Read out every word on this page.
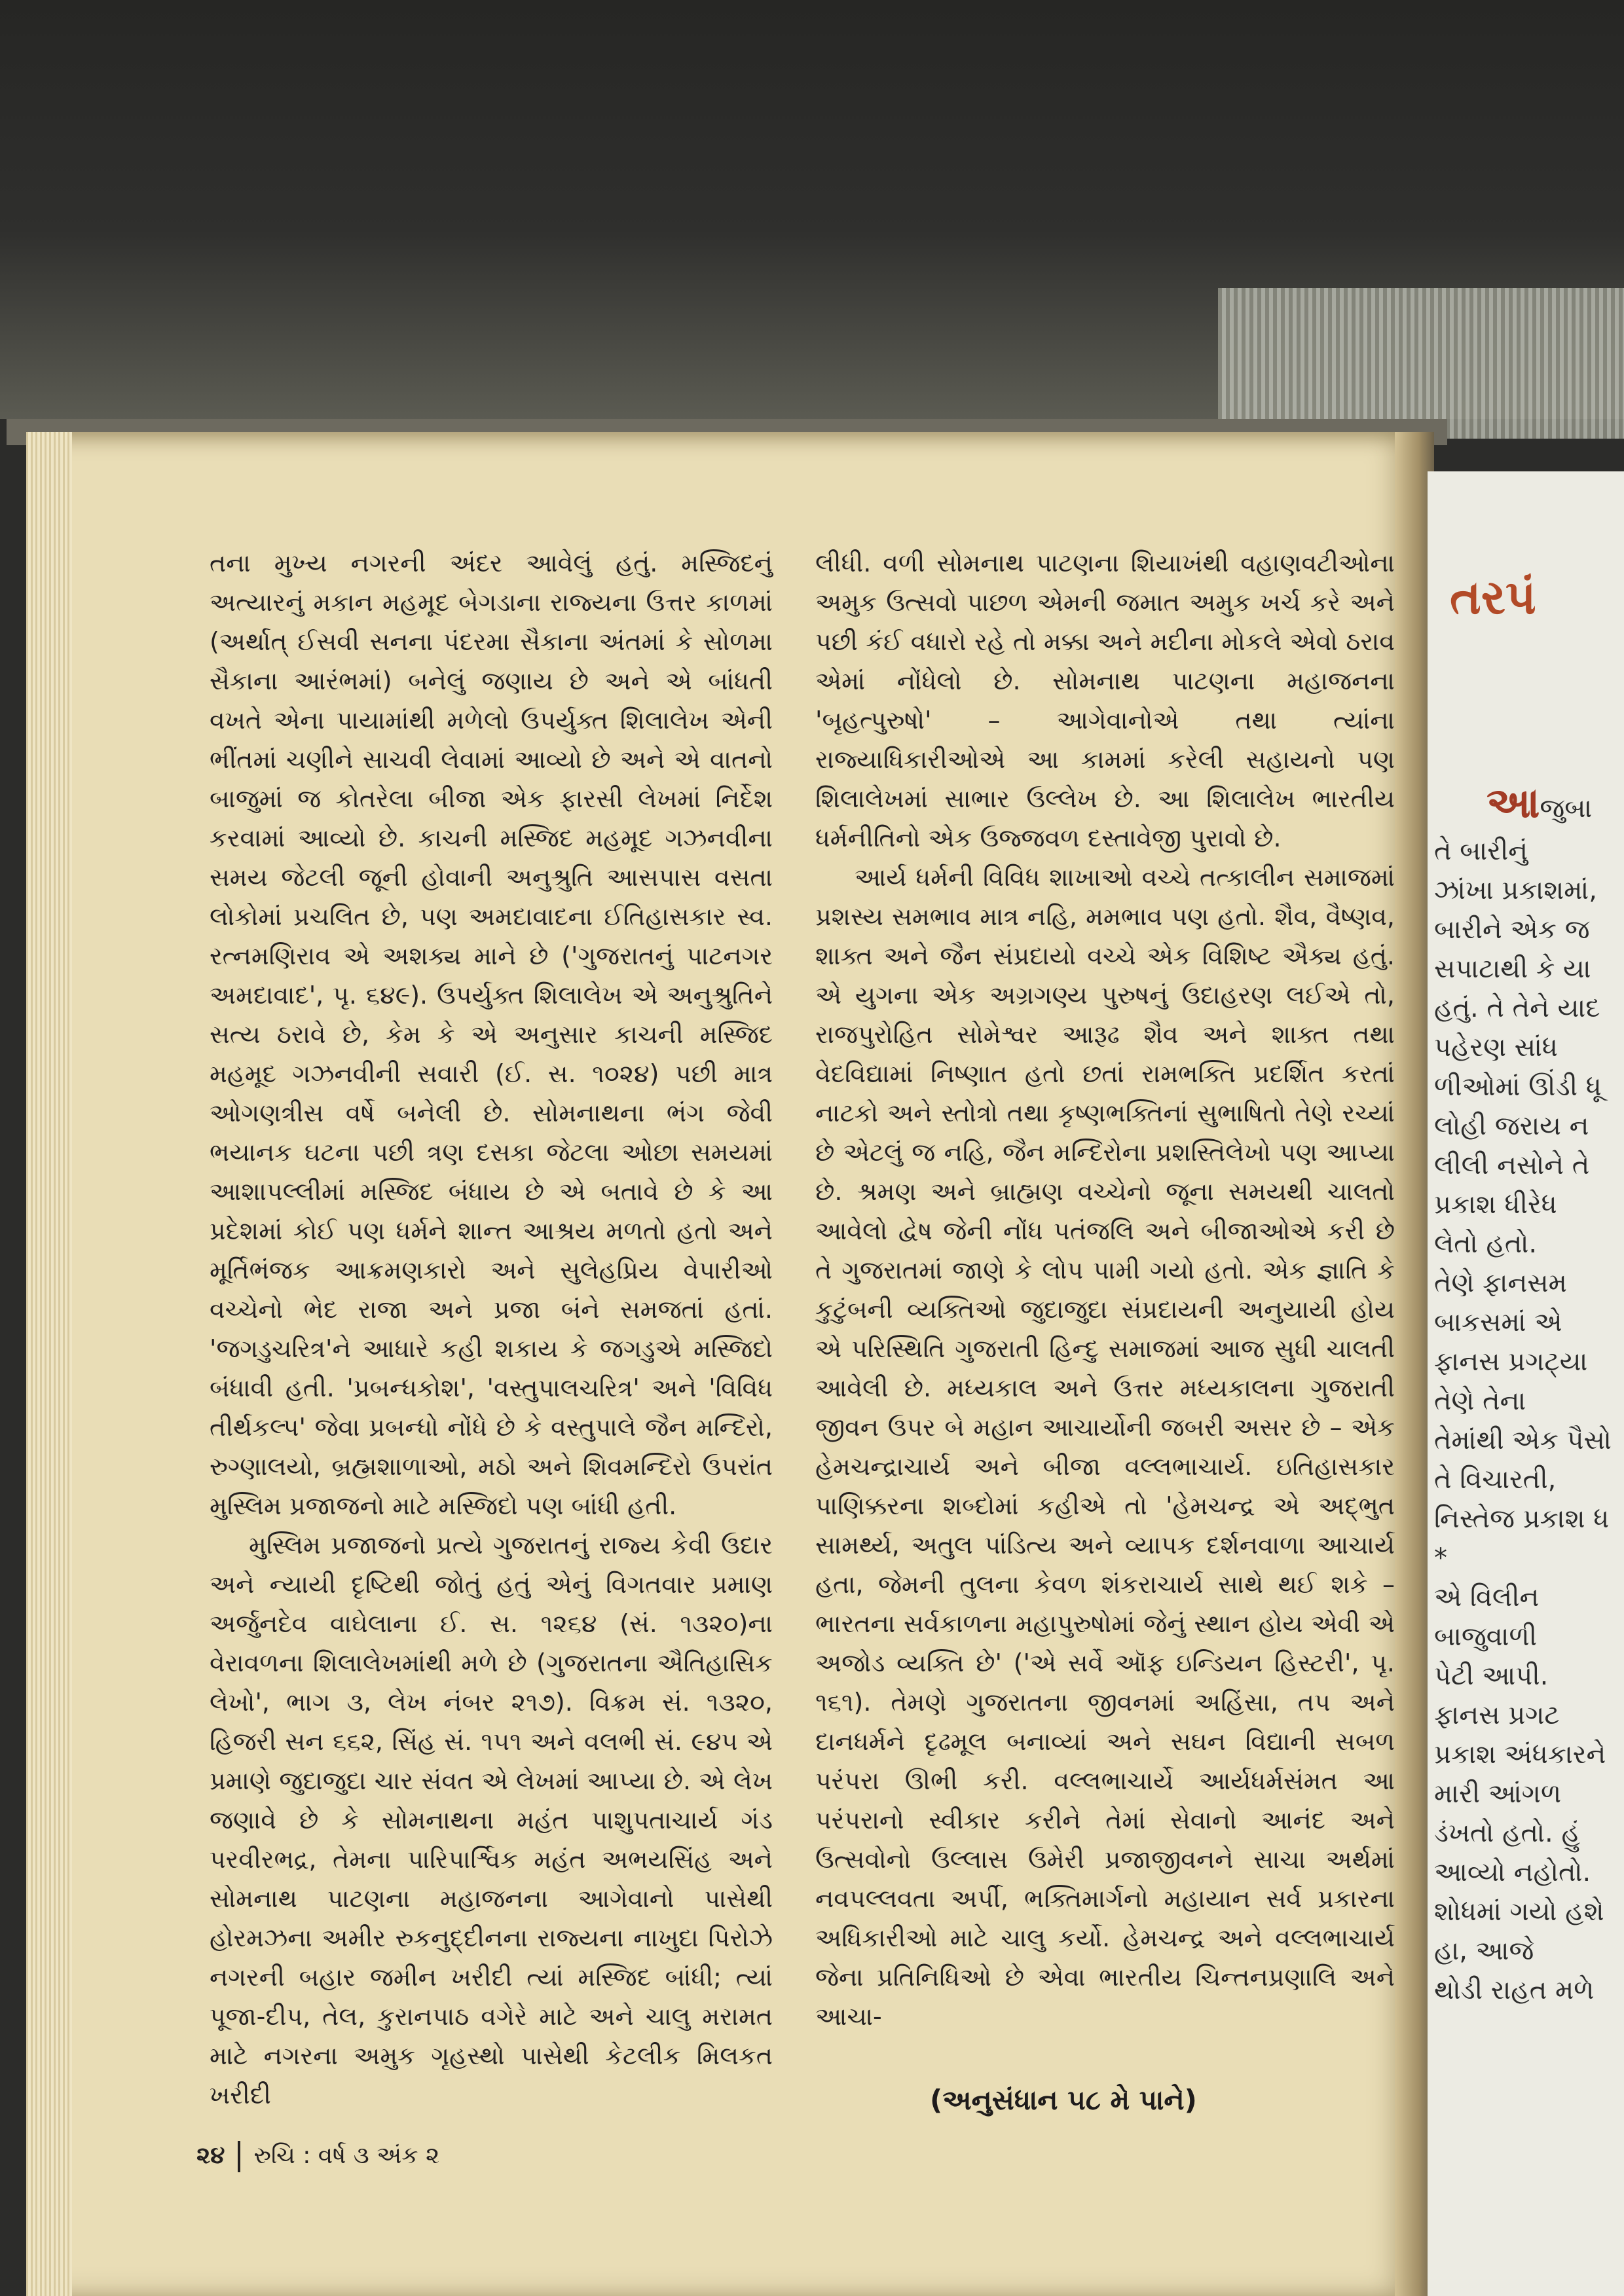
તરપં
આજુબા
તે બારીનું
ઝાંખા પ્રકાશમાં,
બારીને એક જ
સપાટાથી કે યા
હતું. તે તેને યાદ
પહેરણ સાંધ
ળીઓમાં ઊંડી ધૂ
લોહી જરાય ન
લીલી નસોને તે
પ્રકાશ ધીરેધ
લેતો હતો.
તેણે ફાનસમ
બાકસમાં એ
ફાનસ પ્રગટ્યા
તેણે તેના
તેમાંથી એક પૈસો
તે વિચારતી,
નિસ્તેજ પ્રકાશ ધ
*
એ વિલીન
બાજુવાળી
પેટી આપી.
ફાનસ પ્રગટ
પ્રકાશ અંધકારને
મારી આંગળ
ડંખતો હતો. હું
આવ્યો નહોતો.
શોધમાં ગયો હશે
હા, આજે
થોડી રાહત મળે

તના મુખ્ય નગરની અંદર આવેલું હતું. મસ્જિદનું અત્યારનું મકાન મહમૂદ બેગડાના રાજ્યના ઉત્તર કાળમાં (અર્થાત્ ઈસવી સનના પંદરમા સૈકાના અંતમાં કે સોળમા સૈકાના આરંભમાં) બનેલું જણાય છે અને એ બાંધતી વખતે એના પાયામાંથી મળેલો ઉપર્યુક્ત શિલાલેખ એની ભીંતમાં ચણીને સાચવી લેવામાં આવ્યો છે અને એ વાતનો બાજુમાં જ કોતરેલા બીજા એક ફારસી લેખમાં નિર્દેશ કરવામાં આવ્યો છે. કાચની મસ્જિદ મહમૂદ ગઝનવીના સમય જેટલી જૂની હોવાની અનુશ્રુતિ આસપાસ વસતા લોકોમાં પ્રચલિત છે, પણ અમદાવાદના ઈતિહાસકાર સ્વ. રત્નમણિરાવ એ અશક્ય માને છે ('ગુજરાતનું પાટનગર અમદાવાદ', પૃ. ૬૪૯). ઉપર્યુક્ત શિલાલેખ એ અનુશ્રુતિને સત્ય ઠરાવે છે, કેમ કે એ અનુસાર કાચની મસ્જિદ મહમૂદ ગઝનવીની સવારી (ઈ. સ. ૧૦૨૪) પછી માત્ર ઓગણત્રીસ વર્ષે બનેલી છે. સોમનાથના ભંગ જેવી ભયાનક ઘટના પછી ત્રણ દસકા જેટલા ઓછા સમયમાં આશાપલ્લીમાં મસ્જિદ બંધાય છે એ બતાવે છે કે આ પ્રદેશમાં કોઈ પણ ધર્મને શાન્ત આશ્રય મળતો હતો અને મૂર્તિભંજક આક્રમણકારો અને સુલેહપ્રિય વેપારીઓ વચ્ચેનો ભેદ રાજા અને પ્રજા બંને સમજતાં હતાં. 'જગડુચરિત્ર'ને આધારે કહી શકાય કે જગડુએ મસ્જિદો બંધાવી હતી. 'પ્રબન્ધકોશ', 'વસ્તુપાલચરિત્ર' અને 'વિવિધ તીર્થકલ્પ' જેવા પ્રબન્ધો નોંધે છે કે વસ્તુપાલે જૈન મન્દિરો, રુગ્ણાલયો, બ્રહ્મશાળાઓ, મઠો અને શિવમન્દિરો ઉપરાંત મુસ્લિમ પ્રજાજનો માટે મસ્જિદો પણ બાંધી હતી.

મુસ્લિમ પ્રજાજનો પ્રત્યે ગુજરાતનું રાજ્ય કેવી ઉદાર અને ન્યાયી દૃષ્ટિથી જોતું હતું એનું વિગતવાર પ્રમાણ અર્જુનદેવ વાઘેલાના ઈ. સ. ૧૨૬૪ (સં. ૧૩૨૦)ના વેરાવળના શિલાલેખમાંથી મળે છે (ગુજરાતના ઐતિહાસિક લેખો', ભાગ ૩, લેખ નંબર ૨૧૭). વિક્રમ સં. ૧૩૨૦, હિજરી સન ૬૬૨, સિંહ સં. ૧૫૧ અને વલભી સં. ૯૪૫ એ પ્રમાણે જુદાજુદા ચાર સંવત એ લેખમાં આપ્યા છે. એ લેખ જણાવે છે કે સોમનાથના મહંત પાશુપતાચાર્ય ગંડ પરવીરભદ્ર, તેમના પારિપાર્શ્વિક મહંત અભયસિંહ અને સોમનાથ પાટણના મહાજનના આગેવાનો પાસેથી હોરમઝના અમીર રુકનુદ્દીનના રાજ્યના નાખુદા પિરોઝે નગરની બહાર જમીન ખરીદી ત્યાં મસ્જિદ બાંધી; ત્યાં પૂજા-દીપ, તેલ, કુરાનપાઠ વગેરે માટે અને ચાલુ મરામત માટે નગરના અમુક ગૃહસ્થો પાસેથી કેટલીક મિલકત ખરીદી

લીધી. વળી સોમનાથ પાટણના શિયાખંથી વહાણવટીઓના અમુક ઉત્સવો પાછળ એમની જમાત અમુક ખર્ચ કરે અને પછી કંઈ વધારો રહે તો મક્કા અને મદીના મોકલે એવો ઠરાવ એમાં નોંધેલો છે. સોમનાથ પાટણના મહાજનના 'બૃહત્પુરુષો' – આગેવાનોએ તથા ત્યાંના રાજ્યાધિકારીઓએ આ કામમાં કરેલી સહાયનો પણ શિલાલેખમાં સાભાર ઉલ્લેખ છે. આ શિલાલેખ ભારતીય ધર્મનીતિનો એક ઉજ્જવળ દસ્તાવેજી પુરાવો છે.

આર્ય ધર્મની વિવિધ શાખાઓ વચ્ચે તત્કાલીન સમાજમાં પ્રશસ્ય સમભાવ માત્ર નહિ, મમભાવ પણ હતો. શૈવ, વૈષ્ણવ, શાક્ત અને જૈન સંપ્રદાયો વચ્ચે એક વિશિષ્ટ ઐક્ય હતું. એ યુગના એક અગ્રગણ્ય પુરુષનું ઉદાહરણ લઈએ તો, રાજપુરોહિત સોમેશ્વર આરૂઢ શૈવ અને શાક્ત તથા વેદવિદ્યામાં નિષ્ણાત હતો છતાં રામભક્તિ પ્રદર્શિત કરતાં નાટકો અને સ્તોત્રો તથા કૃષ્ણભક્તિનાં સુભાષિતો તેણે રચ્યાં છે એટલું જ નહિ, જૈન મન્દિરોના પ્રશસ્તિલેખો પણ આપ્યા છે. શ્રમણ અને બ્રાહ્મણ વચ્ચેનો જૂના સમયથી ચાલતો આવેલો દ્વેષ જેની નોંધ પતંજલિ અને બીજાઓએ કરી છે તે ગુજરાતમાં જાણે કે લોપ પામી ગયો હતો. એક જ્ઞાતિ કે કુટુંબની વ્યક્તિઓ જુદાજુદા સંપ્રદાયની અનુયાયી હોય એ પરિસ્થિતિ ગુજરાતી હિન્દુ સમાજમાં આજ સુધી ચાલતી આવેલી છે. મધ્યકાલ અને ઉત્તર મધ્યકાલના ગુજરાતી જીવન ઉપર બે મહાન આચાર્યોની જબરી અસર છે – એક હેમચન્દ્રાચાર્ય અને બીજા વલ્લભાચાર્ય. ઇતિહાસકાર પાણિક્કરના શબ્દોમાં કહીએ તો 'હેમચન્દ્ર એ અદ્ભુત સામર્થ્ય, અતુલ પાંડિત્ય અને વ્યાપક દર્શનવાળા આચાર્ય હતા, જેમની તુલના કેવળ શંકરાચાર્ય સાથે થઈ શકે – ભારતના સર્વકાળના મહાપુરુષોમાં જેનું સ્થાન હોય એવી એ અજોડ વ્યક્તિ છે' ('એ સર્વે ઑફ ઇન્ડિયન હિસ્ટરી', પૃ. ૧૬૧). તેમણે ગુજરાતના જીવનમાં અહિંસા, તપ અને દાનધર્મને દૃઢમૂલ બનાવ્યાં અને સઘન વિદ્યાની સબળ પરંપરા ઊભી કરી. વલ્લભાચાર્યે આર્યધર્મસંમત આ પરંપરાનો સ્વીકાર કરીને તેમાં સેવાનો આનંદ અને ઉત્સવોનો ઉલ્લાસ ઉમેરી પ્રજાજીવનને સાચા અર્થમાં નવપલ્લવતા અર્પી, ભક્તિમાર્ગનો મહાયાન સર્વ પ્રકારના અધિકારીઓ માટે ચાલુ કર્યો. હેમચન્દ્ર અને વલ્લભાચાર્ય જેના પ્રતિનિધિઓ છે એવા ભારતીય ચિન્તનપ્રણાલિ અને આચા-

(અનુસંધાન ૫૮ મે પાને)
૨૪ રુચિ : વર્ષ ૩ અંક ૨
